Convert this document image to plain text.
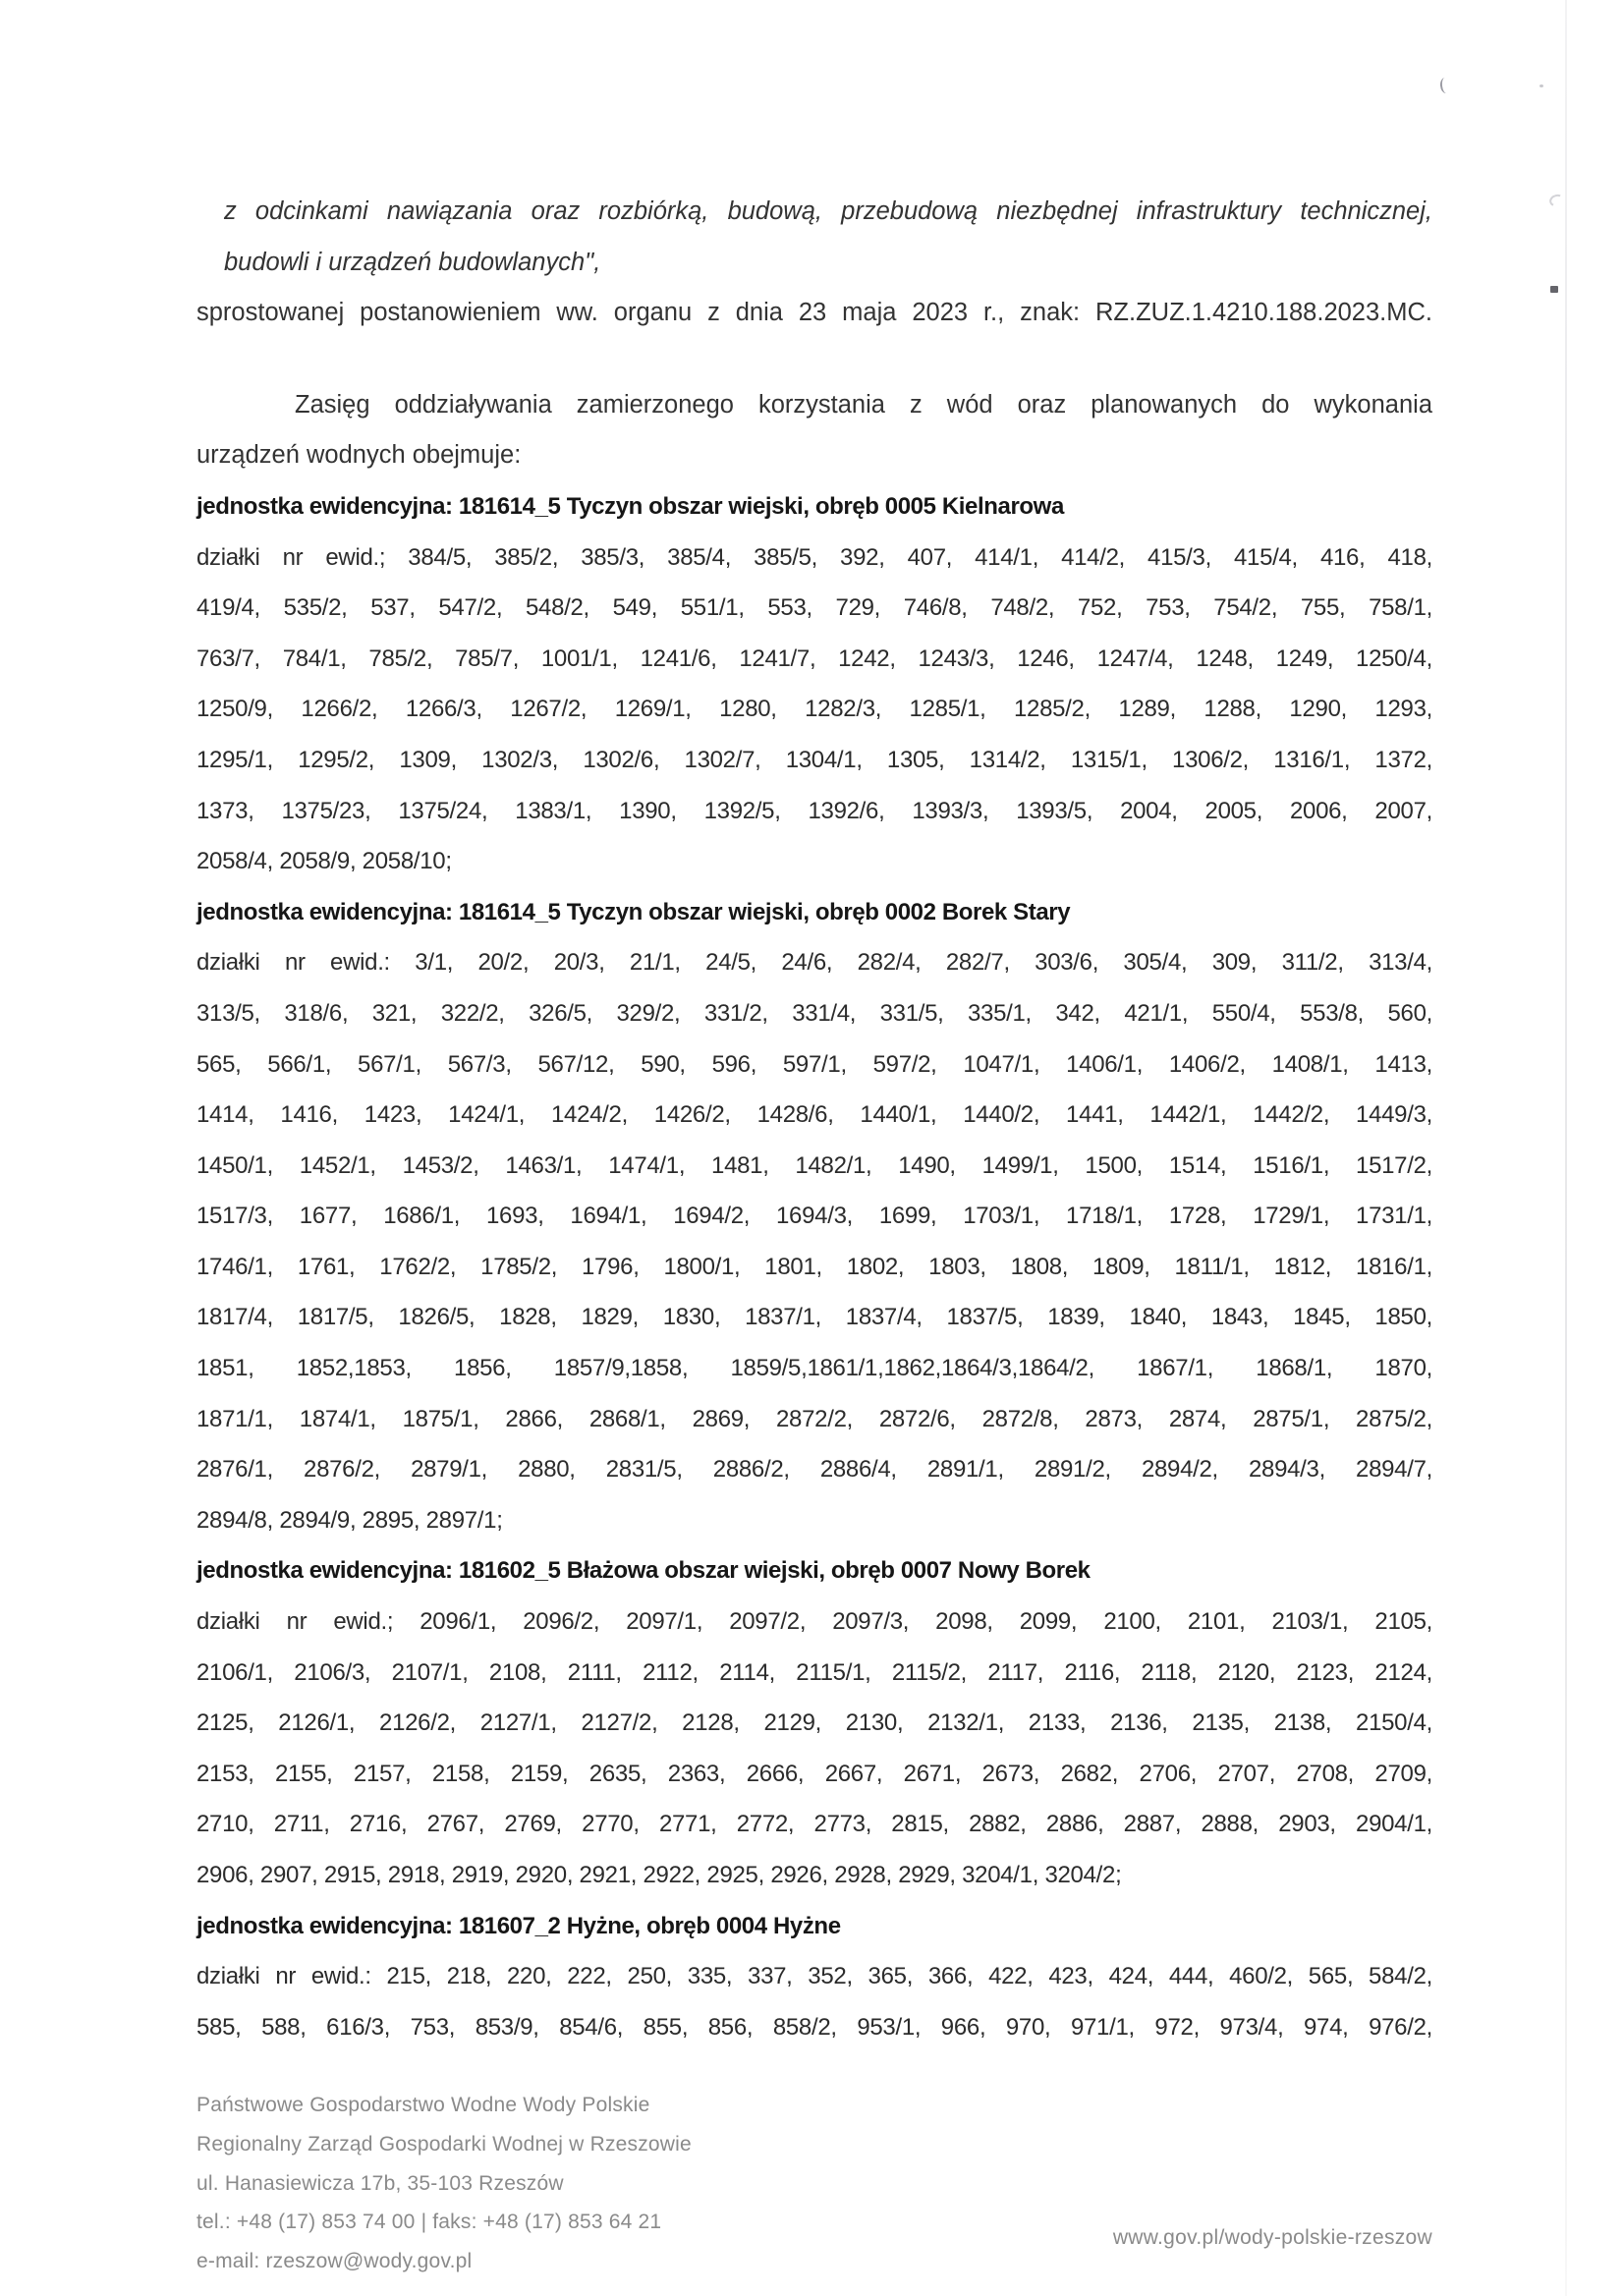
z odcinkami nawiązania oraz rozbiórką, budową, przebudową niezbędnej infrastruktury technicznej,
budowli i urządzeń budowlanych",
sprostowanej postanowieniem ww. organu z dnia 23 maja 2023 r., znak: RZ.ZUZ.1.4210.188.2023.MC.
Zasięg oddziaływania zamierzonego korzystania z wód oraz planowanych do wykonania
urządzeń wodnych obejmuje:
jednostka ewidencyjna: 181614_5 Tyczyn obszar wiejski, obręb 0005 Kielnarowa
działki nr ewid.; 384/5, 385/2, 385/3, 385/4, 385/5, 392, 407, 414/1, 414/2, 415/3, 415/4, 416, 418,
419/4, 535/2, 537, 547/2, 548/2, 549, 551/1, 553, 729, 746/8, 748/2, 752, 753, 754/2, 755, 758/1,
763/7, 784/1, 785/2, 785/7, 1001/1, 1241/6, 1241/7, 1242, 1243/3, 1246, 1247/4, 1248, 1249, 1250/4,
1250/9, 1266/2, 1266/3, 1267/2, 1269/1, 1280, 1282/3, 1285/1, 1285/2, 1289, 1288, 1290, 1293,
1295/1, 1295/2, 1309, 1302/3, 1302/6, 1302/7, 1304/1, 1305, 1314/2, 1315/1, 1306/2, 1316/1, 1372,
1373, 1375/23, 1375/24, 1383/1, 1390, 1392/5, 1392/6, 1393/3, 1393/5, 2004, 2005, 2006, 2007,
2058/4, 2058/9, 2058/10;
jednostka ewidencyjna: 181614_5 Tyczyn obszar wiejski, obręb 0002 Borek Stary
działki nr ewid.: 3/1, 20/2, 20/3, 21/1, 24/5, 24/6, 282/4, 282/7, 303/6, 305/4, 309, 311/2, 313/4,
313/5, 318/6, 321, 322/2, 326/5, 329/2, 331/2, 331/4, 331/5, 335/1, 342, 421/1, 550/4, 553/8, 560,
565, 566/1, 567/1, 567/3, 567/12, 590, 596, 597/1, 597/2, 1047/1, 1406/1, 1406/2, 1408/1, 1413,
1414, 1416, 1423, 1424/1, 1424/2, 1426/2, 1428/6, 1440/1, 1440/2, 1441, 1442/1, 1442/2, 1449/3,
1450/1, 1452/1, 1453/2, 1463/1, 1474/1, 1481, 1482/1, 1490, 1499/1, 1500, 1514, 1516/1, 1517/2,
1517/3, 1677, 1686/1, 1693, 1694/1, 1694/2, 1694/3, 1699, 1703/1, 1718/1, 1728, 1729/1, 1731/1,
1746/1, 1761, 1762/2, 1785/2, 1796, 1800/1, 1801, 1802, 1803, 1808, 1809, 1811/1, 1812, 1816/1,
1817/4, 1817/5, 1826/5, 1828, 1829, 1830, 1837/1, 1837/4, 1837/5, 1839, 1840, 1843, 1845, 1850,
1851, 1852,1853, 1856, 1857/9,1858, 1859/5,1861/1,1862,1864/3,1864/2, 1867/1, 1868/1, 1870,
1871/1, 1874/1, 1875/1, 2866, 2868/1, 2869, 2872/2, 2872/6, 2872/8, 2873, 2874, 2875/1, 2875/2,
2876/1, 2876/2, 2879/1, 2880, 2831/5, 2886/2, 2886/4, 2891/1, 2891/2, 2894/2, 2894/3, 2894/7,
2894/8, 2894/9, 2895, 2897/1;
jednostka ewidencyjna: 181602_5 Błażowa obszar wiejski, obręb 0007 Nowy Borek
działki nr ewid.; 2096/1, 2096/2, 2097/1, 2097/2, 2097/3, 2098, 2099, 2100, 2101, 2103/1, 2105,
2106/1, 2106/3, 2107/1, 2108, 2111, 2112, 2114, 2115/1, 2115/2, 2117, 2116, 2118, 2120, 2123, 2124,
2125, 2126/1, 2126/2, 2127/1, 2127/2, 2128, 2129, 2130, 2132/1, 2133, 2136, 2135, 2138, 2150/4,
2153, 2155, 2157, 2158, 2159, 2635, 2363, 2666, 2667, 2671, 2673, 2682, 2706, 2707, 2708, 2709,
2710, 2711, 2716, 2767, 2769, 2770, 2771, 2772, 2773, 2815, 2882, 2886, 2887, 2888, 2903, 2904/1,
2906, 2907, 2915, 2918, 2919, 2920, 2921, 2922, 2925, 2926, 2928, 2929, 3204/1, 3204/2;
jednostka ewidencyjna: 181607_2 Hyżne, obręb 0004 Hyżne
działki nr ewid.: 215, 218, 220, 222, 250, 335, 337, 352, 365, 366, 422, 423, 424, 444, 460/2, 565, 584/2,
585, 588, 616/3, 753, 853/9, 854/6, 855, 856, 858/2, 953/1, 966, 970, 971/1, 972, 973/4, 974, 976/2,
Państwowe Gospodarstwo Wodne Wody Polskie
Regionalny Zarząd Gospodarki Wodnej w Rzeszowie
ul. Hanasiewicza 17b, 35-103 Rzeszów
tel.: +48 (17) 853 74 00 | faks: +48 (17) 853 64 21
e-mail: rzeszow@wody.gov.pl
www.gov.pl/wody-polskie-rzeszow
